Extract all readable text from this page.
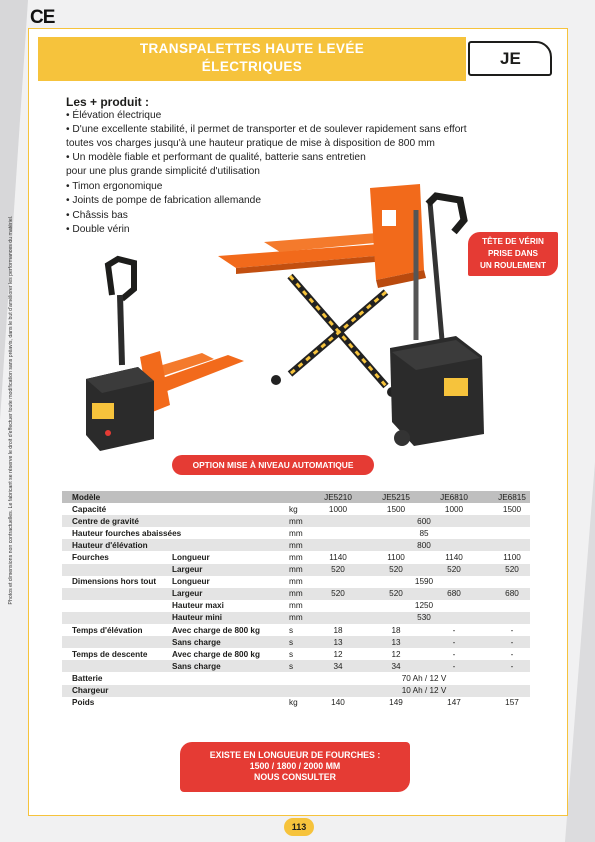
CE
Photos et dimensions non contractuelles. Le fabricant se réserve le droit d'effectuer toute modification sans préavis, dans le but d'améliorer les performances du matériel.
TRANSPALETTES HAUTE LEVÉE
ÉLECTRIQUES	JE
Les + produit :
• Élévation électrique
• D'une excellente stabilité, il permet de transporter et de soulever rapidement sans effort
toutes vos charges jusqu'à une hauteur pratique de mise à disposition de 800 mm
• Un modèle fiable et performant de qualité, batterie sans entretien
pour une plus grande simplicité d'utilisation
• Timon ergonomique
• Joints de pompe de fabrication allemande
• Châssis bas
• Double vérin
TÊTE DE VÉRIN
PRISE DANS
UN ROULEMENT
OPTION MISE À NIVEAU AUTOMATIQUE
Modèle	JE5210	JE5215	JE6810	JE6815
Capacité	kg	1000	1500	1000	1500
Centre de gravité	mm	600
Hauteur fourches abaissées	mm	85
Hauteur d'élévation	mm	800
Fourches	Longueur	mm	1140	1100	1140	1100
Largeur	mm	520	520	520	520
Dimensions hors tout Longueur	mm	1590
Largeur	mm	520	520	680	680
Hauteur maxi	mm	1250
Hauteur mini	mm	530
Temps d'élévation	Avec charge de 800 kg	s	18	18	-	-
Sans charge	s	13	13	-	-
Temps de descente	Avec charge de 800 kg	s	12	12	-	-
Sans charge	s	34	34	-	-
Batterie	70 Ah / 12 V
Chargeur	10 Ah / 12 V
Poids	kg	140	149	147	157
EXISTE EN LONGUEUR DE FOURCHES :
1500 / 1800 / 2000 MM
NOUS CONSULTER
113
